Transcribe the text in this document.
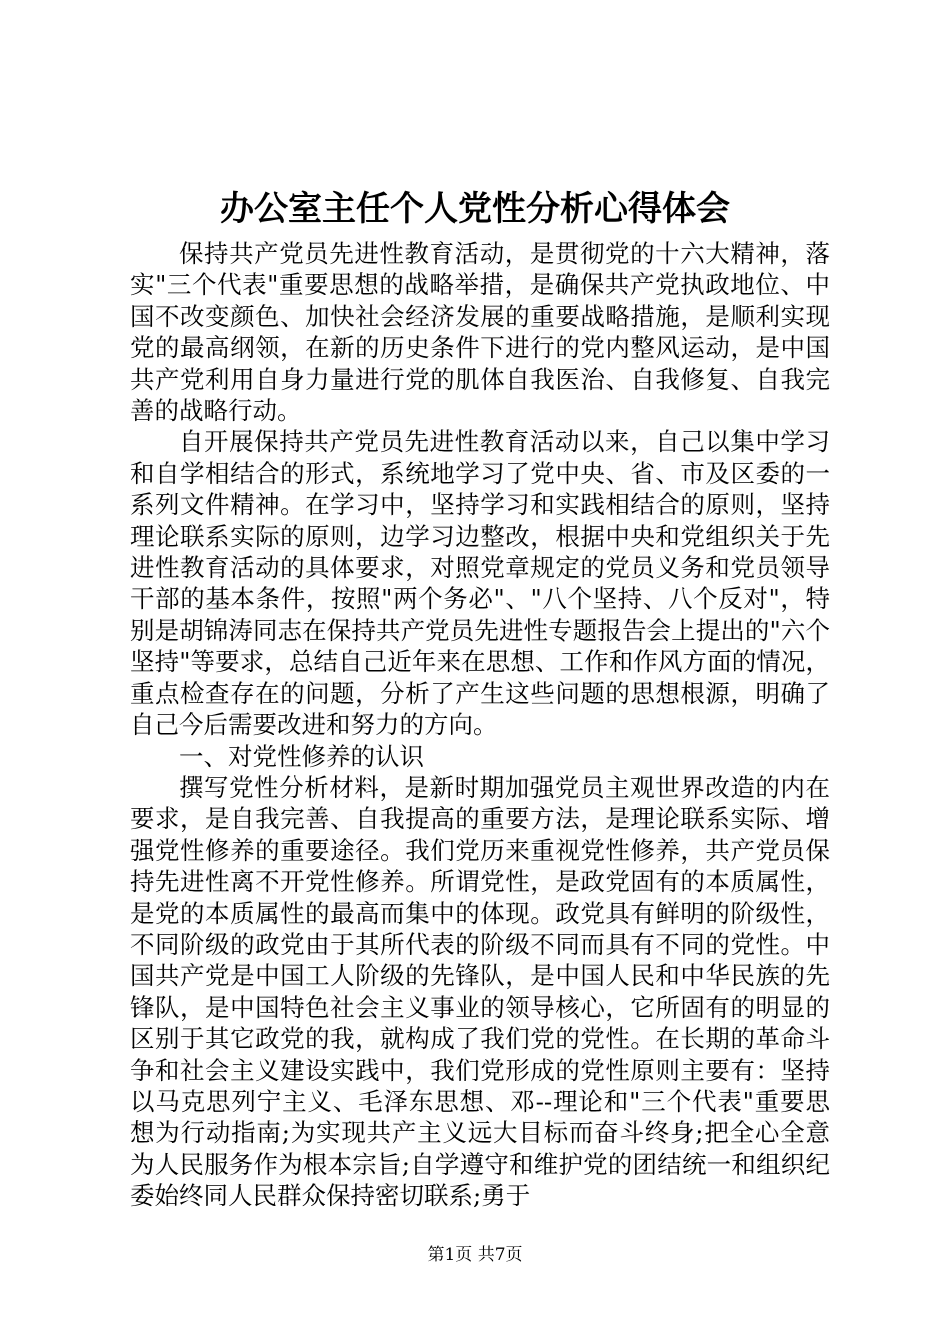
办公室主任个人党性分析心得体会

保持共产党员先进性教育活动，是贯彻党的十六大精神，落实"三个代表"重要思想的战略举措，是确保共产党执政地位、中国不改变颜色、加快社会经济发展的重要战略措施，是顺利实现党的最高纲领，在新的历史条件下进行的党内整风运动，是中国共产党利用自身力量进行党的肌体自我医治、自我修复、自我完善的战略行动。

自开展保持共产党员先进性教育活动以来，自己以集中学习和自学相结合的形式，系统地学习了党中央、省、市及区委的一系列文件精神。在学习中，坚持学习和实践相结合的原则，坚持理论联系实际的原则，边学习边整改，根据中央和党组织关于先进性教育活动的具体要求，对照党章规定的党员义务和党员领导干部的基本条件，按照"两个务必"、"八个坚持、八个反对"，特别是胡锦涛同志在保持共产党员先进性专题报告会上提出的"六个坚持"等要求，总结自己近年来在思想、工作和作风方面的情况，重点检查存在的问题，分析了产生这些问题的思想根源，明确了自己今后需要改进和努力的方向。

一、对党性修养的认识

撰写党性分析材料，是新时期加强党员主观世界改造的内在要求，是自我完善、自我提高的重要方法，是理论联系实际、增强党性修养的重要途径。我们党历来重视党性修养，共产党员保持先进性离不开党性修养。所谓党性，是政党固有的本质属性，是党的本质属性的最高而集中的体现。政党具有鲜明的阶级性，不同阶级的政党由于其所代表的阶级不同而具有不同的党性。中国共产党是中国工人阶级的先锋队，是中国人民和中华民族的先锋队，是中国特色社会主义事业的领导核心，它所固有的明显的区别于其它政党的我，就构成了我们党的党性。在长期的革命斗争和社会主义建设实践中，我们党形成的党性原则主要有：坚持以马克思列宁主义、毛泽东思想、邓--理论和"三个代表"重要思想为行动指南;为实现共产主义远大目标而奋斗终身;把全心全意为人民服务作为根本宗旨;自学遵守和维护党的团结统一和组织纪委始终同人民群众保持密切联系;勇于

第1页 共7页
